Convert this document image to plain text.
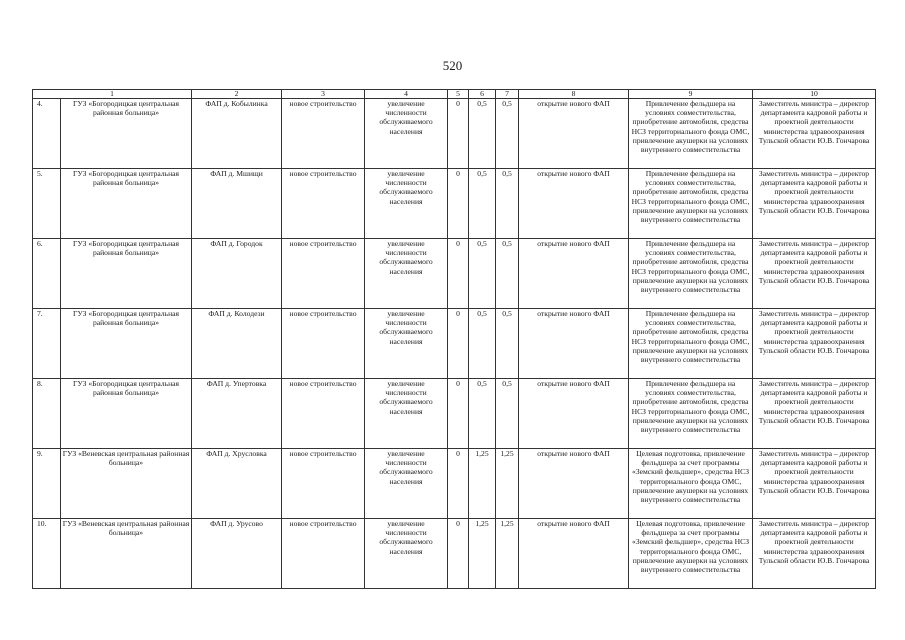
520
1		2	3	4	5	6	7	8	9	10
4.	ГУЗ «Богородицкая центральная районная больница»	ФАП д. Кобылинка	новое строительство	увеличение численности обслуживаемого населения	0	0,5	0,5	открытие нового ФАП	Привлечение фельдшера на условиях совместительства, приобретение автомобиля, средства НСЗ территориального фонда ОМС, привлечение акушерки на условиях внутреннего совместительства	Заместитель министра – директор департамента кадровой работы и проектной деятельности министерства здравоохранения Тульской области Ю.В. Гончарова
5.	ГУЗ «Богородицкая центральная районная больница»	ФАП д. Мшищи	новое строительство	увеличение численности обслуживаемого населения	0	0,5	0,5	открытие нового ФАП	Привлечение фельдшера на условиях совместительства, приобретение автомобиля, средства НСЗ территориального фонда ОМС, привлечение акушерки на условиях внутреннего совместительства	Заместитель министра – директор департамента кадровой работы и проектной деятельности министерства здравоохранения Тульской области Ю.В. Гончарова
6.	ГУЗ «Богородицкая центральная районная больница»	ФАП д. Городок	новое строительство	увеличение численности обслуживаемого населения	0	0,5	0,5	открытие нового ФАП	Привлечение фельдшера на условиях совместительства, приобретение автомобиля, средства НСЗ территориального фонда ОМС, привлечение акушерки на условиях внутреннего совместительства	Заместитель министра – директор департамента кадровой работы и проектной деятельности министерства здравоохранения Тульской области Ю.В. Гончарова
7.	ГУЗ «Богородицкая центральная районная больница»	ФАП д. Колодези	новое строительство	увеличение численности обслуживаемого населения	0	0,5	0,5	открытие нового ФАП	Привлечение фельдшера на условиях совместительства, приобретение автомобиля, средства НСЗ территориального фонда ОМС, привлечение акушерки на условиях внутреннего совместительства	Заместитель министра – директор департамента кадровой работы и проектной деятельности министерства здравоохранения Тульской области Ю.В. Гончарова
8.	ГУЗ «Богородицкая центральная районная больница»	ФАП д. Упертовка	новое строительство	увеличение численности обслуживаемого населения	0	0,5	0,5	открытие нового ФАП	Привлечение фельдшера на условиях совместительства, приобретение автомобиля, средства НСЗ территориального фонда ОМС, привлечение акушерки на условиях внутреннего совместительства	Заместитель министра – директор департамента кадровой работы и проектной деятельности министерства здравоохранения Тульской области Ю.В. Гончарова
9.	ГУЗ «Веневская центральная районная больница»	ФАП д. Хрусловка	новое строительство	увеличение численности обслуживаемого населения	0	1,25	1,25	открытие нового ФАП	Целевая подготовка, привлечение фельдшера за счет программы «Земский фельдшер», средства НСЗ территориального фонда ОМС, привлечение акушерки на условиях внутреннего совместительства	Заместитель министра – директор департамента кадровой работы и проектной деятельности министерства здравоохранения Тульской области Ю.В. Гончарова
10.	ГУЗ «Веневская центральная районная больница»	ФАП д. Урусово	новое строительство	увеличение численности обслуживаемого населения	0	1,25	1,25	открытие нового ФАП	Целевая подготовка, привлечение фельдшера за счет программы «Земский фельдшер», средства НСЗ территориального фонда ОМС, привлечение акушерки на условиях внутреннего совместительства	Заместитель министра – директор департамента кадровой работы и проектной деятельности министерства здравоохранения Тульской области Ю.В. Гончарова
